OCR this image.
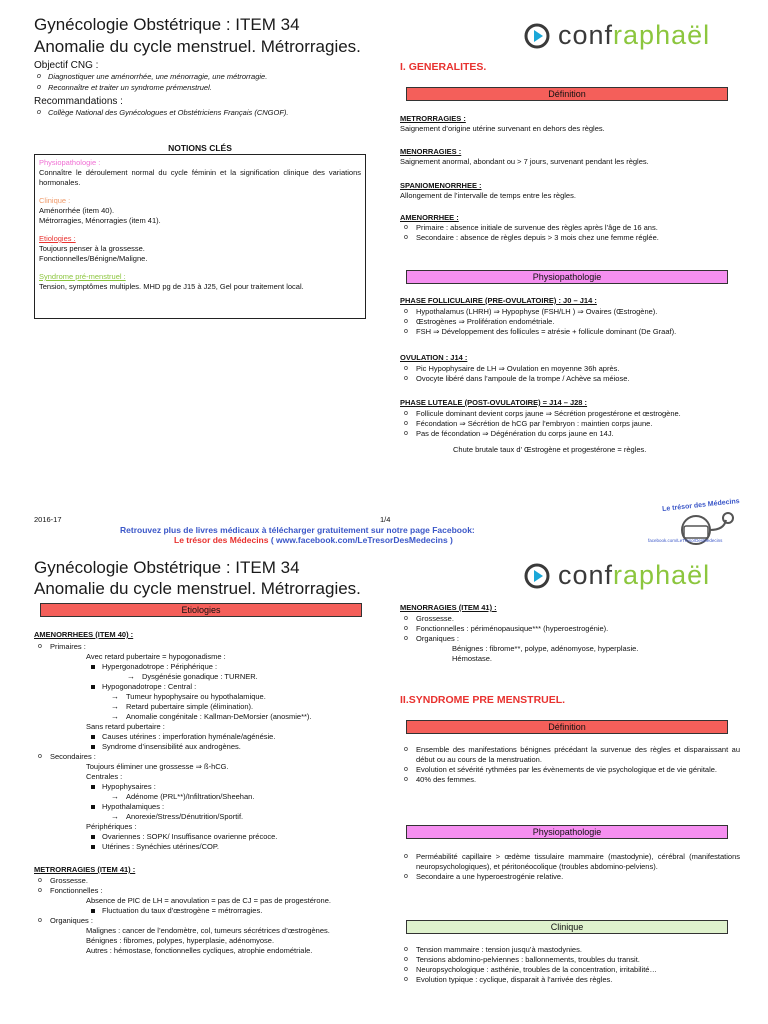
Gynécologie Obstétrique : ITEM 34
Anomalie du cycle menstruel. Métrorragies.	conf raphaël
Objectif CNG :
o Diagnostiquer une aménorrhée, une ménorragie, une métrorragie.
o Reconnaître et traiter un syndrome prémenstruel.
Recommandations :
o Collège National des Gynécologues et Obstétriciens Français (CNGOF).
NOTIONS CLÉS
Physiopathologie :
Connaître le déroulement normal du cycle féminin et la signification clinique des variations hormonales.
Clinique :
Aménorrhée (item 40).
Métrorragies, Ménorragies (item 41).
Etiologies :
Toujours penser à la grossesse.
Fonctionnelles/Bénigne/Maligne.
Syndrome pré-menstruel :
Tension, symptômes multiples. MHD pg de J15 à J25, Gel pour traitement local.
I. GENERALITES.
Définition
METRORRAGIES :
Saignement d’origine utérine survenant en dehors des règles.
MENORRAGIES :
Saignement anormal, abondant ou > 7 jours, survenant pendant les règles.
SPANIOMENORRHEE :
Allongement de l’intervalle de temps entre les règles.
AMENORRHEE :
o Primaire : absence initiale de survenue des règles après l’âge de 16 ans.
o Secondaire : absence de règles depuis > 3 mois chez une femme réglée.
Physiopathologie
PHASE FOLLICULAIRE (PRE-OVULATOIRE) : J0 – J14 :
o Hypothalamus (LHRH) ⇒ Hypophyse (FSH/LH ) ⇒ Ovaires (Œstrogène).
o Œstrogènes ⇒ Prolifération endométriale.
o FSH ⇒ Développement des follicules = atrésie + follicule dominant (De Graaf).
OVULATION : J14 :
o Pic Hypophysaire de LH ⇒ Ovulation en moyenne 36h après.
o Ovocyte libéré dans l’ampoule de la trompe / Achève sa méiose.
PHASE LUTEALE (POST-OVULATOIRE) = J14 – J28 :
o Follicule dominant devient corps jaune ⇒ Sécrétion progestérone et œstrogène.
o Fécondation ⇒ Sécrétion de hCG par l’embryon : maintien corps jaune.
o Pas de fécondation ⇒ Dégénération du corps jaune en 14J.
Chute brutale taux d’ Œstrogène et progestérone = règles.
2016-17	1/4
Retrouvez plus de livres médicaux à télécharger gratuitement sur notre page Facebook:
Le trésor des Médecins ( www.facebook.com/LeTresorDesMedecins )
Le trésor des Médecins
facebook.com/LeTresorDesMedecins
Gynécologie Obstétrique : ITEM 34
Anomalie du cycle menstruel. Métrorragies.	conf raphaël
Etiologies
AMENORRHEES (ITEM 40) :
o Primaires :
Avec retard pubertaire = hypogonadisme :
Hypergonadotrope : Périphérique :
→ Dysgénésie gonadique : TURNER.
Hypogonadotrope : Central :
→ Tumeur hypophysaire ou hypothalamique.
→ Retard pubertaire simple (élimination).
→ Anomalie congénitale : Kallman-DeMorsier (anosmie**).
Sans retard pubertaire :
Causes utérines : imperforation hyménale/agénésie.
Syndrome d’insensibilité aux androgènes.
o Secondaires :
Toujours éliminer une grossesse ⇒ ß-hCG.
Centrales :
Hypophysaires :
→ Adénome (PRL**)/Infiltration/Sheehan.
Hypothalamiques :
→ Anorexie/Stress/Dénutrition/Sportif.
Périphériques :
Ovariennes : SOPK/ Insuffisance ovarienne précoce.
Utérines : Synéchies utérines/COP.
METRORRAGIES (ITEM 41) :
o Grossesse.
o Fonctionnelles :
Absence de PIC de LH = anovulation = pas de CJ = pas de progestérone.
Fluctuation du taux d’œstrogène = métrorragies.
o Organiques :
Malignes : cancer de l’endomètre, col, tumeurs sécrétrices d’œstrogènes.
Bénignes : fibromes, polypes, hyperplasie, adénomyose.
Autres : hémostase, fonctionnelles cycliques, atrophie endométriale.
MENORRAGIES (ITEM 41) :
o Grossesse.
o Fonctionnelles : périménopausique*** (hyperoestrogénie).
o Organiques :
Bénignes : fibrome**, polype, adénomyose, hyperplasie.
Hémostase.
II.SYNDROME PRE MENSTRUEL.
Définition
o Ensemble des manifestations bénignes précédant la survenue des règles et disparaissant au début ou au cours de la menstruation.
o Evolution et sévérité rythmées par les évènements de vie psychologique et de vie génitale.
o 40% des femmes.
Physiopathologie
o Perméabilité capillaire > œdème tissulaire mammaire (mastodynie), cérébral (manifestations neuropsychologiques), et péritonéocolique (troubles abdomino-pelviens).
o Secondaire a une hyperoestrogénie relative.
Clinique
o Tension mammaire : tension jusqu’à mastodynies.
o Tensions abdomino-pelviennes : ballonnements, troubles du transit.
o Neuropsychologique : asthénie, troubles de la concentration, irritabilité…
o Evolution typique : cyclique, disparait à l’arrivée des règles.
